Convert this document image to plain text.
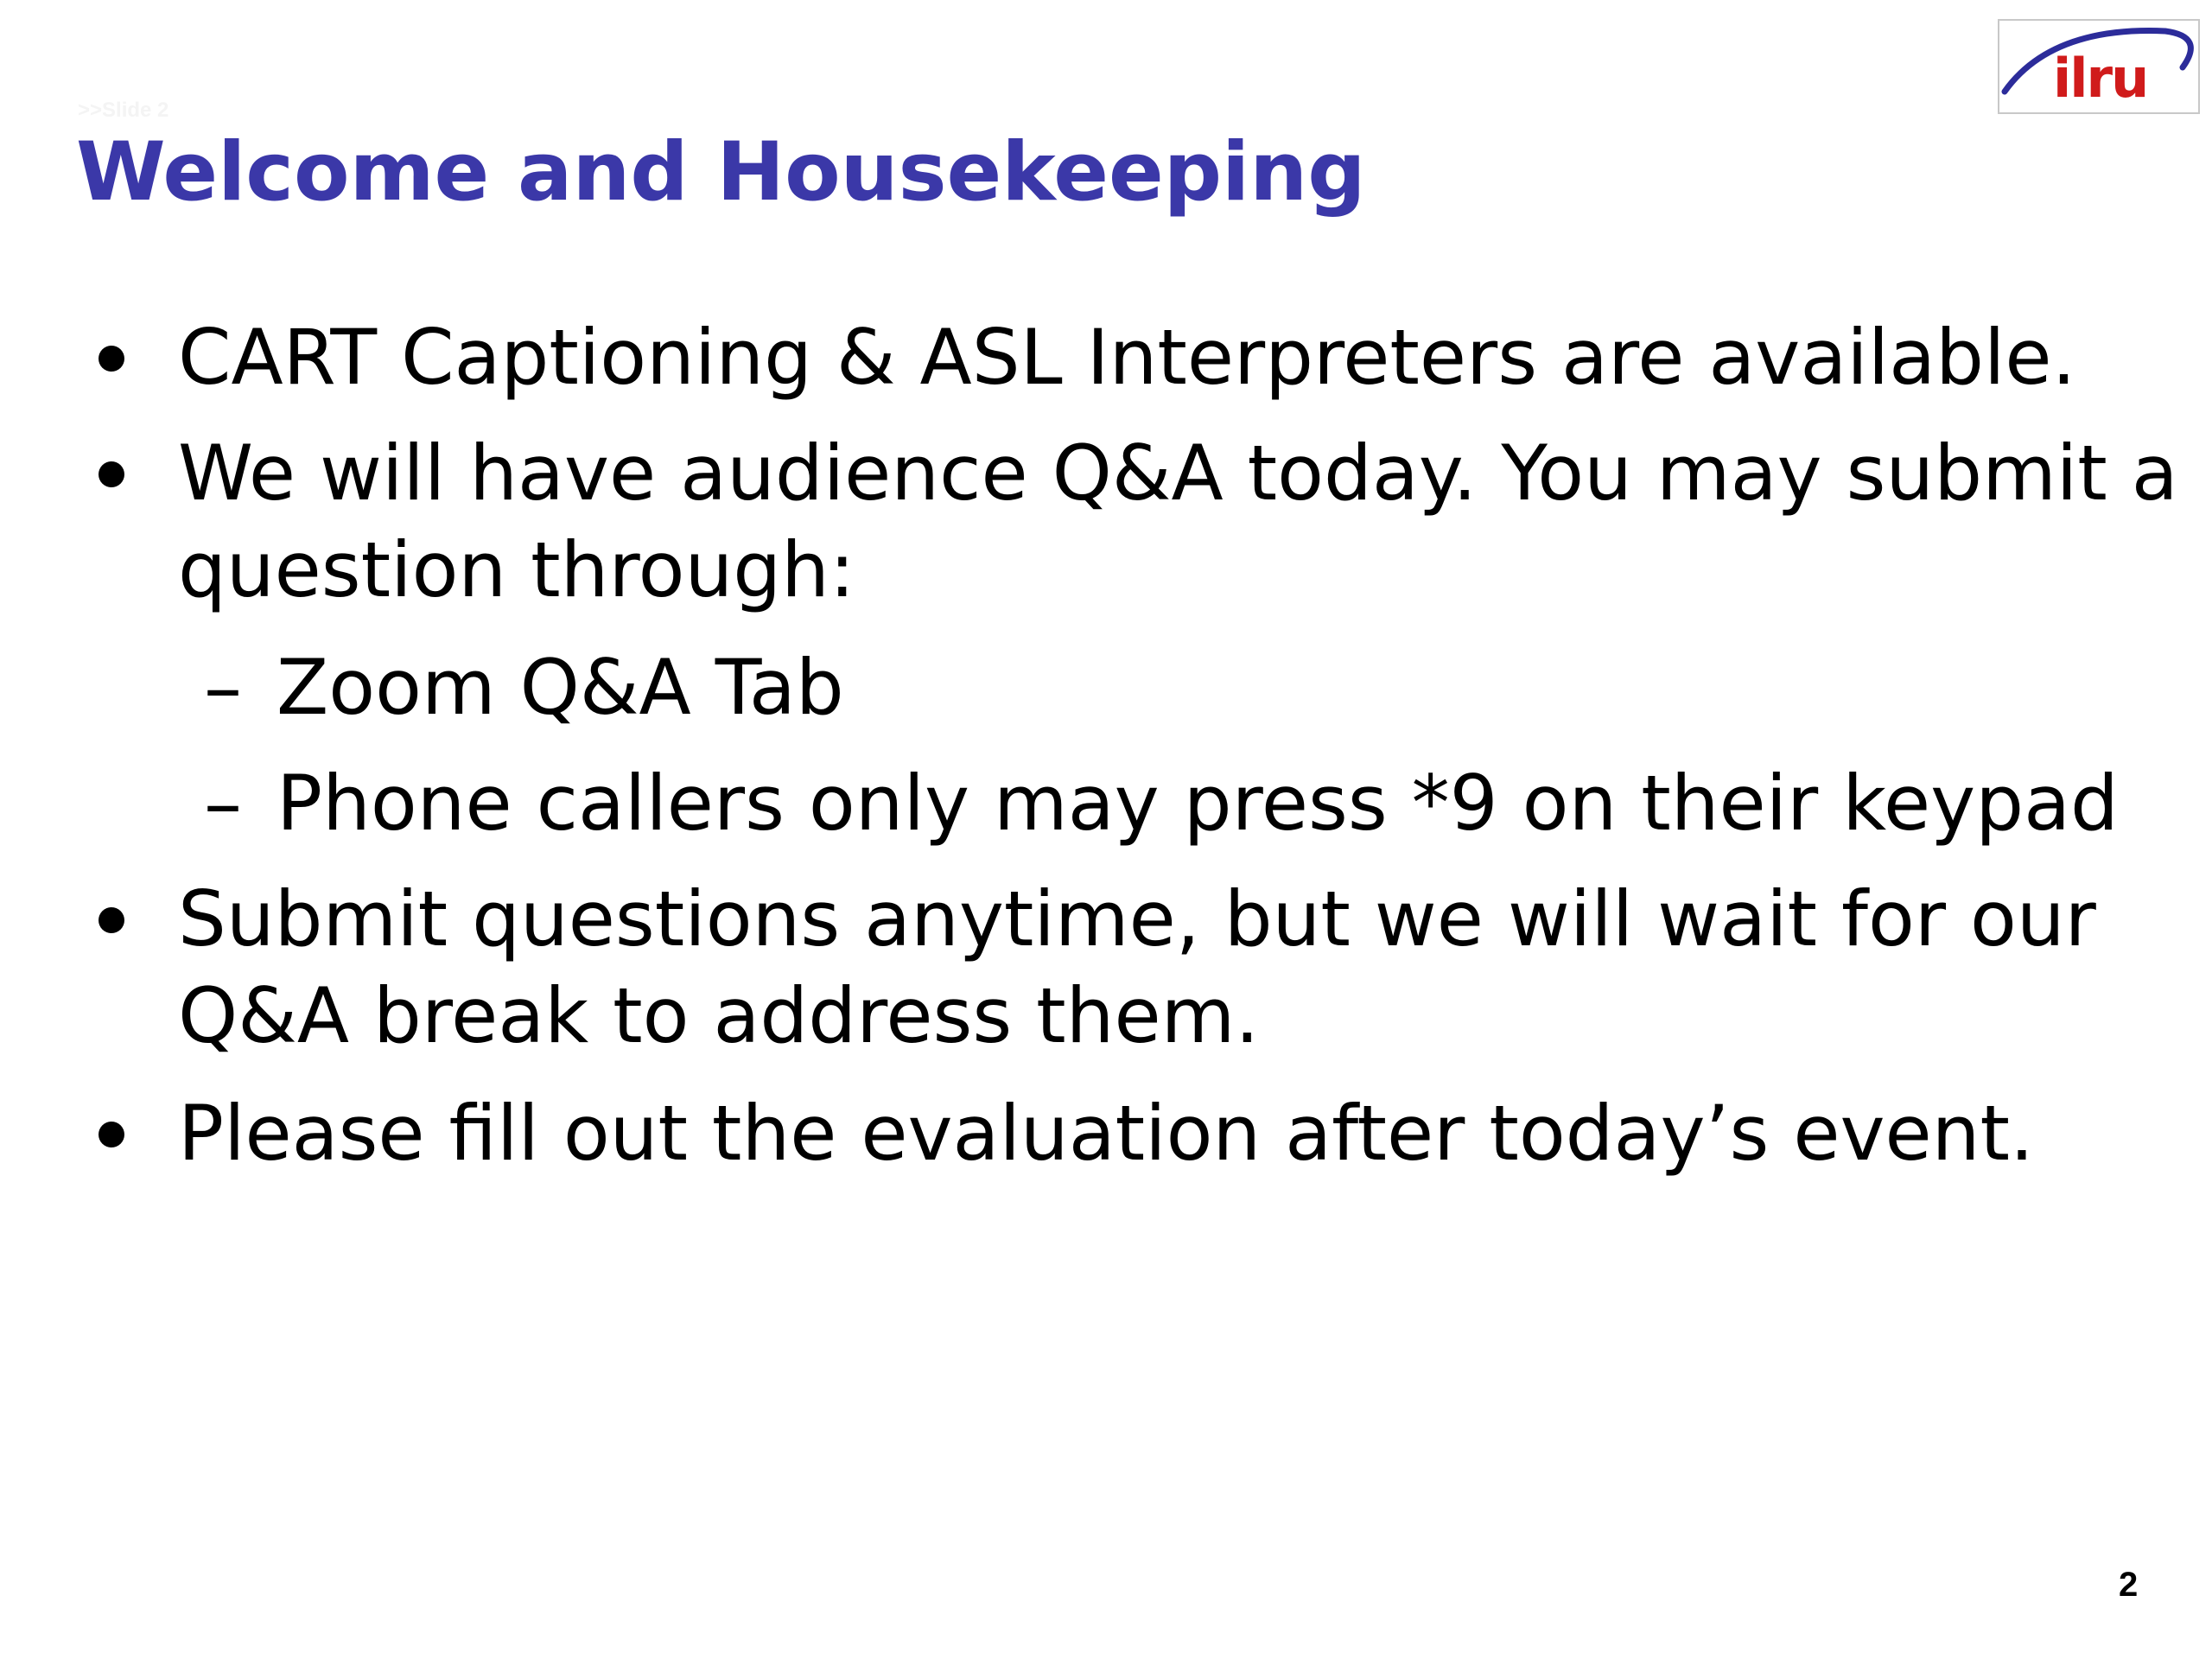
>>Slide 2
Welcome and Housekeeping
ilru
CART Captioning & ASL Interpreters are available.
We will have audience Q&A today. You may submit a
question through:
– Zoom Q&A Tab
– Phone callers only may press *9 on their keypad
Submit questions anytime, but we will wait for our
Q&A break to address them.
Please fill out the evaluation after today’s event.
2
